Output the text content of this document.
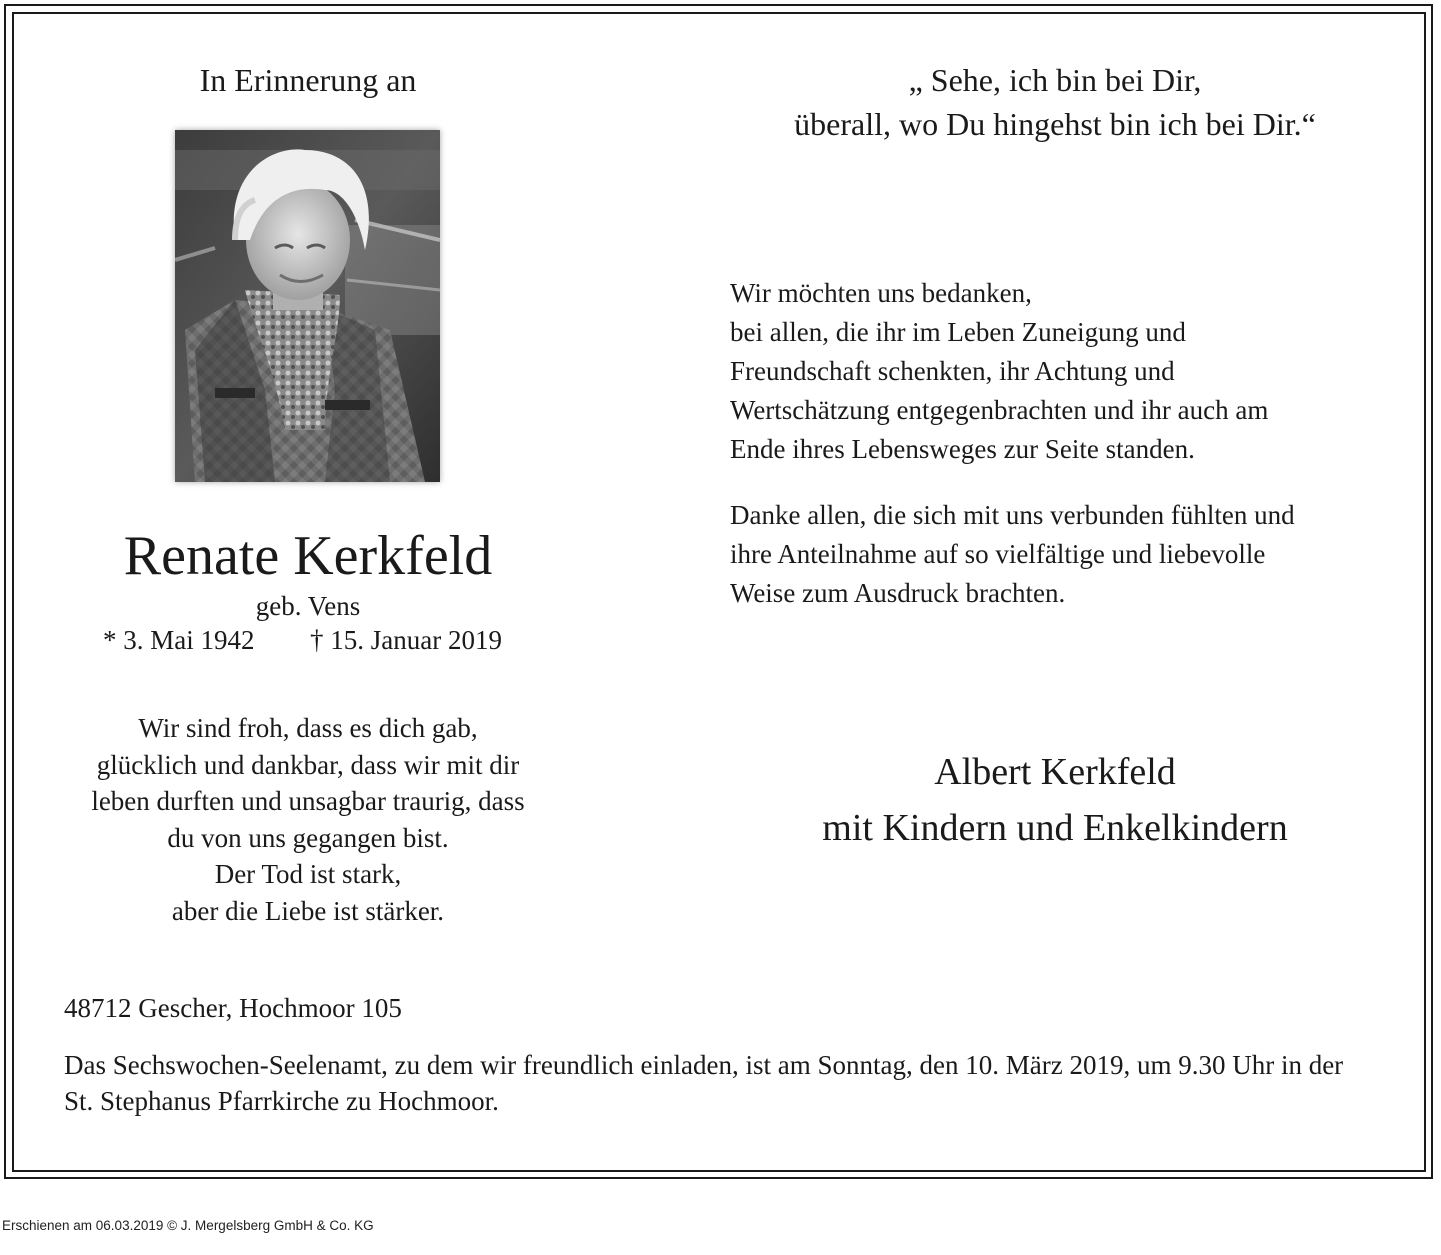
In Erinnerung an
Renate Kerkfeld
geb. Vens
* 3. Mai 1942 † 15. Januar 2019
Wir sind froh, dass es dich gab,
glücklich und dankbar, dass wir mit dir
leben durften und unsagbar traurig, dass
du von uns gegangen bist.
Der Tod ist stark,
aber die Liebe ist stärker.
„ Sehe, ich bin bei Dir,
überall, wo Du hingehst bin ich bei Dir.“
Wir möchten uns bedanken,
bei allen, die ihr im Leben Zuneigung und
Freundschaft schenkten, ihr Achtung und
Wertschätzung entgegenbrachten und ihr auch am
Ende ihres Lebensweges zur Seite standen.
Danke allen, die sich mit uns verbunden fühlten und
ihre Anteilnahme auf so vielfältige und liebevolle
Weise zum Ausdruck brachten.
Albert Kerkfeld
mit Kindern und Enkelkindern
48712 Gescher, Hochmoor 105
Das Sechswochen-Seelenamt, zu dem wir freundlich einladen, ist am Sonntag, den 10. März 2019, um 9.30 Uhr in der
St. Stephanus Pfarrkirche zu Hochmoor.
Erschienen am 06.03.2019 © J. Mergelsberg GmbH & Co. KG
